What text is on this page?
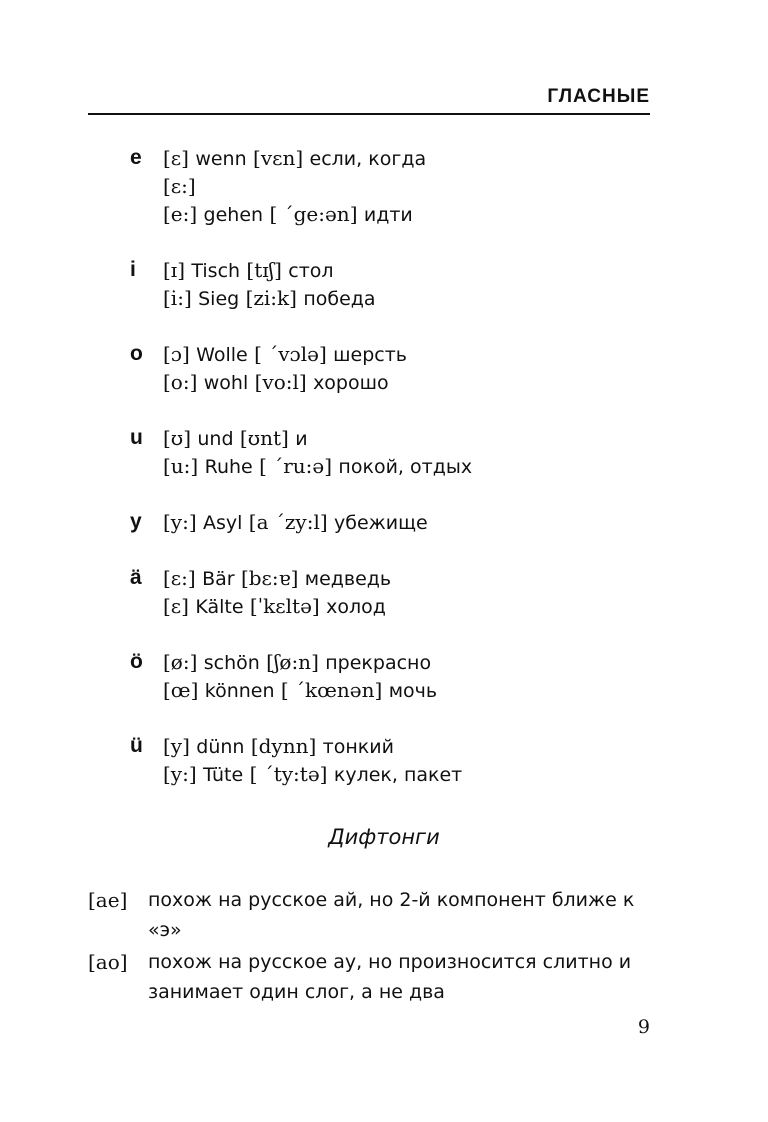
ГЛАСНЫЕ
e [ɛ] wenn [vɛn] если, когда
[ɛ:]
[e:] gehen [ ˊge:ən] идти
i [ɪ] Tisch [tɪʃ] стол
[i:] Sieg [zi:k] победа
o [ɔ] Wolle [ ˊvɔlə] шерсть
[o:] wohl [vo:l] хорошо
u [ʊ] und [ʊnt] и
[u:] Ruhe [ ˊru:ə] покой, отдых
y [y:] Asyl [a ˊzy:l] убежище
ä [ɛ:] Bär [bɛ:ɐ] медведь
[ɛ] Kälte [ˈkɛltə] холод
ö [ø:] schön [ʃø:n] прекрасно
[œ] können [ ˊkœnən] мочь
ü [y] dünn [dynn] тонкий
[y:] Tüte [ ˊty:tə] кулек, пакет
Дифтонги
[ae] похож на русское ай, но 2-й компонент ближе к «э»
[ao] похож на русское ау, но произносится слитно и занимает один слог, а не два
9
